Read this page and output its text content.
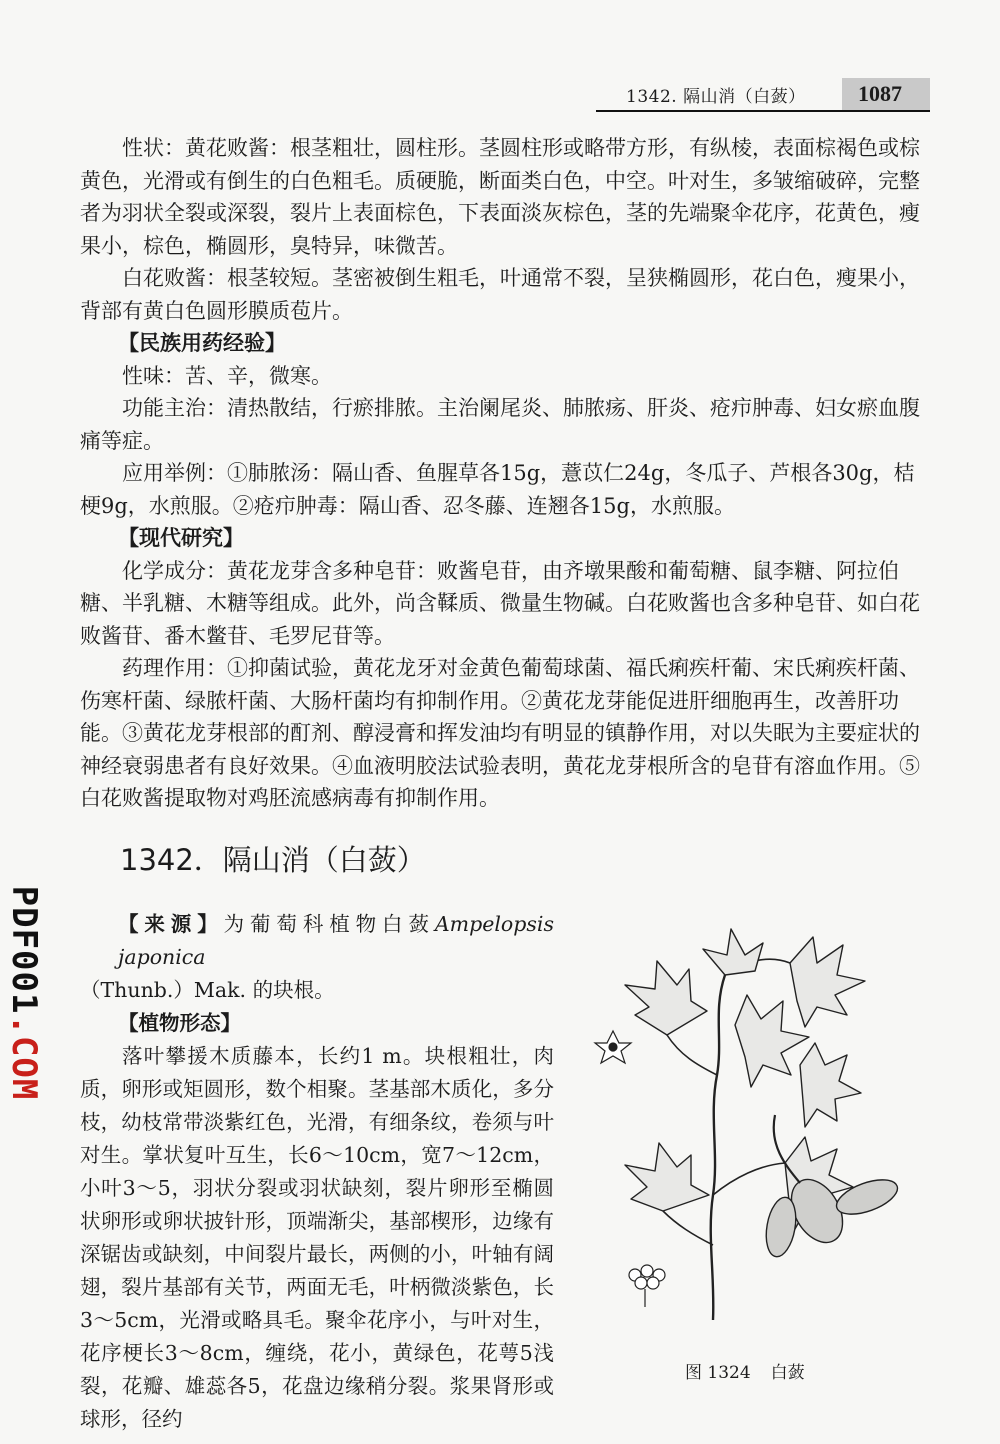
1342. 隔山消（白蔹） 1087

性状：黄花败酱：根茎粗壮，圆柱形。茎圆柱形或略带方形，有纵棱，表面棕褐色或棕黄色，光滑或有倒生的白色粗毛。质硬脆，断面类白色，中空。叶对生，多皱缩破碎，完整者为羽状全裂或深裂，裂片上表面棕色，下表面淡灰棕色，茎的先端聚伞花序，花黄色，瘦果小，棕色，椭圆形，臭特异，味微苦。

白花败酱：根茎较短。茎密被倒生粗毛，叶通常不裂，呈狭椭圆形，花白色，瘦果小，背部有黄白色圆形膜质苞片。

【民族用药经验】

性味：苦、辛，微寒。

功能主治：清热散结，行瘀排脓。主治阑尾炎、肺脓疡、肝炎、疮疖肿毒、妇女瘀血腹痛等症。

应用举例：①肺脓汤：隔山香、鱼腥草各15g，薏苡仁24g，冬瓜子、芦根各30g，桔梗9g，水煎服。②疮疖肿毒：隔山香、忍冬藤、连翘各15g，水煎服。

【现代研究】

化学成分：黄花龙芽含多种皂苷：败酱皂苷，由齐墩果酸和葡萄糖、鼠李糖、阿拉伯糖、半乳糖、木糖等组成。此外，尚含鞣质、微量生物碱。白花败酱也含多种皂苷、如白花败酱苷、番木鳖苷、毛罗尼苷等。

药理作用：①抑菌试验，黄花龙牙对金黄色葡萄球菌、福氏痢疾杆葡、宋氏痢疾杆菌、伤寒杆菌、绿脓杆菌、大肠杆菌均有抑制作用。②黄花龙芽能促进肝细胞再生，改善肝功能。③黄花龙芽根部的酊剂、醇浸膏和挥发油均有明显的镇静作用，对以失眠为主要症状的神经衰弱患者有良好效果。④血液明胶法试验表明，黄花龙芽根所含的皂苷有溶血作用。⑤白花败酱提取物对鸡胚流感病毒有抑制作用。

PDF001.COM
1342．隔山消（白蔹）

【来源】为葡萄科植物白蔹Ampelopsis japonica

（Thunb.）Mak. 的块根。

【植物形态】

落叶攀援木质藤本，长约1 m。块根粗壮，肉质，卵形或矩圆形，数个相聚。茎基部木质化，多分枝，幼枝常带淡紫红色，光滑，有细条纹，卷须与叶对生。掌状复叶互生，长6～10cm，宽7～12cm，小叶3～5，羽状分裂或羽状缺刻，裂片卵形至椭圆状卵形或卵状披针形，顶端渐尖，基部楔形，边缘有深锯齿或缺刻，中间裂片最长，两侧的小，叶轴有阔翅，裂片基部有关节，两面无毛，叶柄微淡紫色，长3～5cm，光滑或略具毛。聚伞花序小，与叶对生，花序梗长3～8cm，缠绕，花小，黄绿色，花萼5浅裂，花瓣、雄蕊各5，花盘边缘稍分裂。浆果肾形或球形，径约

图 1324 白蔹
